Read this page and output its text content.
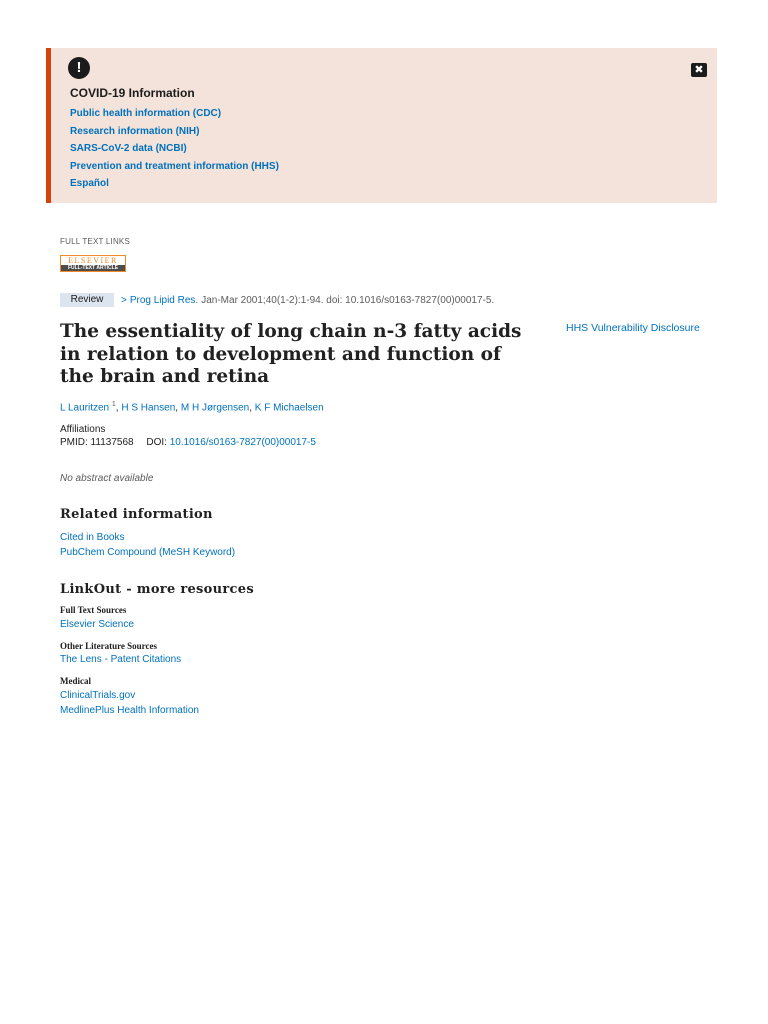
!	✖
COVID-19 Information
Public health information (CDC)
Research information (NIH)
SARS-CoV-2 data (NCBI)
Prevention and treatment information (HHS)
Español
FULL TEXT LINKS
ELSEVIER
FULL-TEXT ARTICLE
Review	> Prog Lipid Res. Jan-Mar 2001;40(1-2):1-94. doi: 10.1016/s0163-7827(00)00017-5.
The essentiality of long chain n-3 fatty acids in relation to development and function of the brain and retina
HHS Vulnerability Disclosure
L Lauritzen $^1$, H S Hansen, M H Jørgensen, K F Michaelsen
Affiliations
PMID: 11137568 DOI: 10.1016/s0163-7827(00)00017-5
No abstract available
Related information
Cited in Books
PubChem Compound (MeSH Keyword)
LinkOut - more resources
Full Text Sources
Elsevier Science
Other Literature Sources
The Lens - Patent Citations
Medical
ClinicalTrials.gov
MedlinePlus Health Information
